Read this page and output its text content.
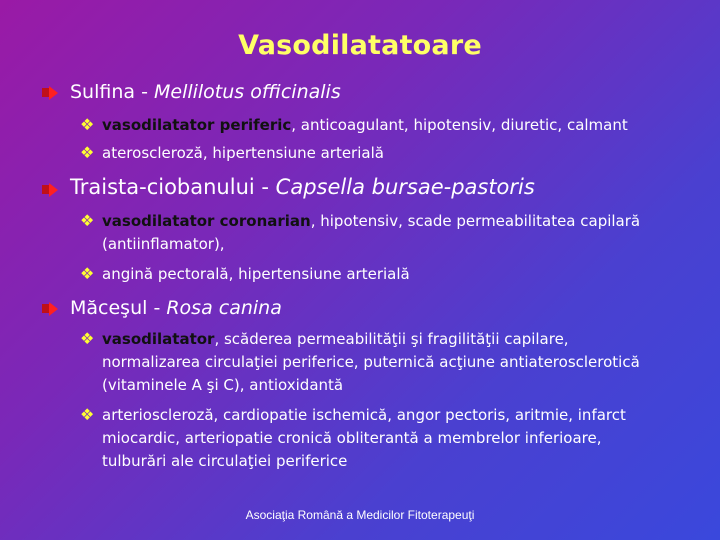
Vasodilatatoare
Sulfina - Mellilotus officinalis
❖ vasodilatator periferic, anticoagulant, hipotensiv, diuretic, calmant
❖ ateroscleroză, hipertensiune arterială
Traista-ciobanului - Capsella bursae-pastoris
❖ vasodilatator coronarian, hipotensiv, scade permeabilitatea capilară (antiinflamator),
❖ angină pectorală, hipertensiune arterială
Măceşul - Rosa canina
❖ vasodilatator, scăderea permeabilităţii şi fragilităţii capilare, normalizarea circulaţiei periferice, puternică acţiune antiaterosclerotică (vitaminele A şi C), antioxidantă
❖ arterioscleroză, cardiopatie ischemică, angor pectoris, aritmie, infarct miocardic, arteriopatie cronică obliterantă a membrelor inferioare, tulburări ale circulaţiei periferice
Asociaţia Română a Medicilor Fitoterapeuţi
